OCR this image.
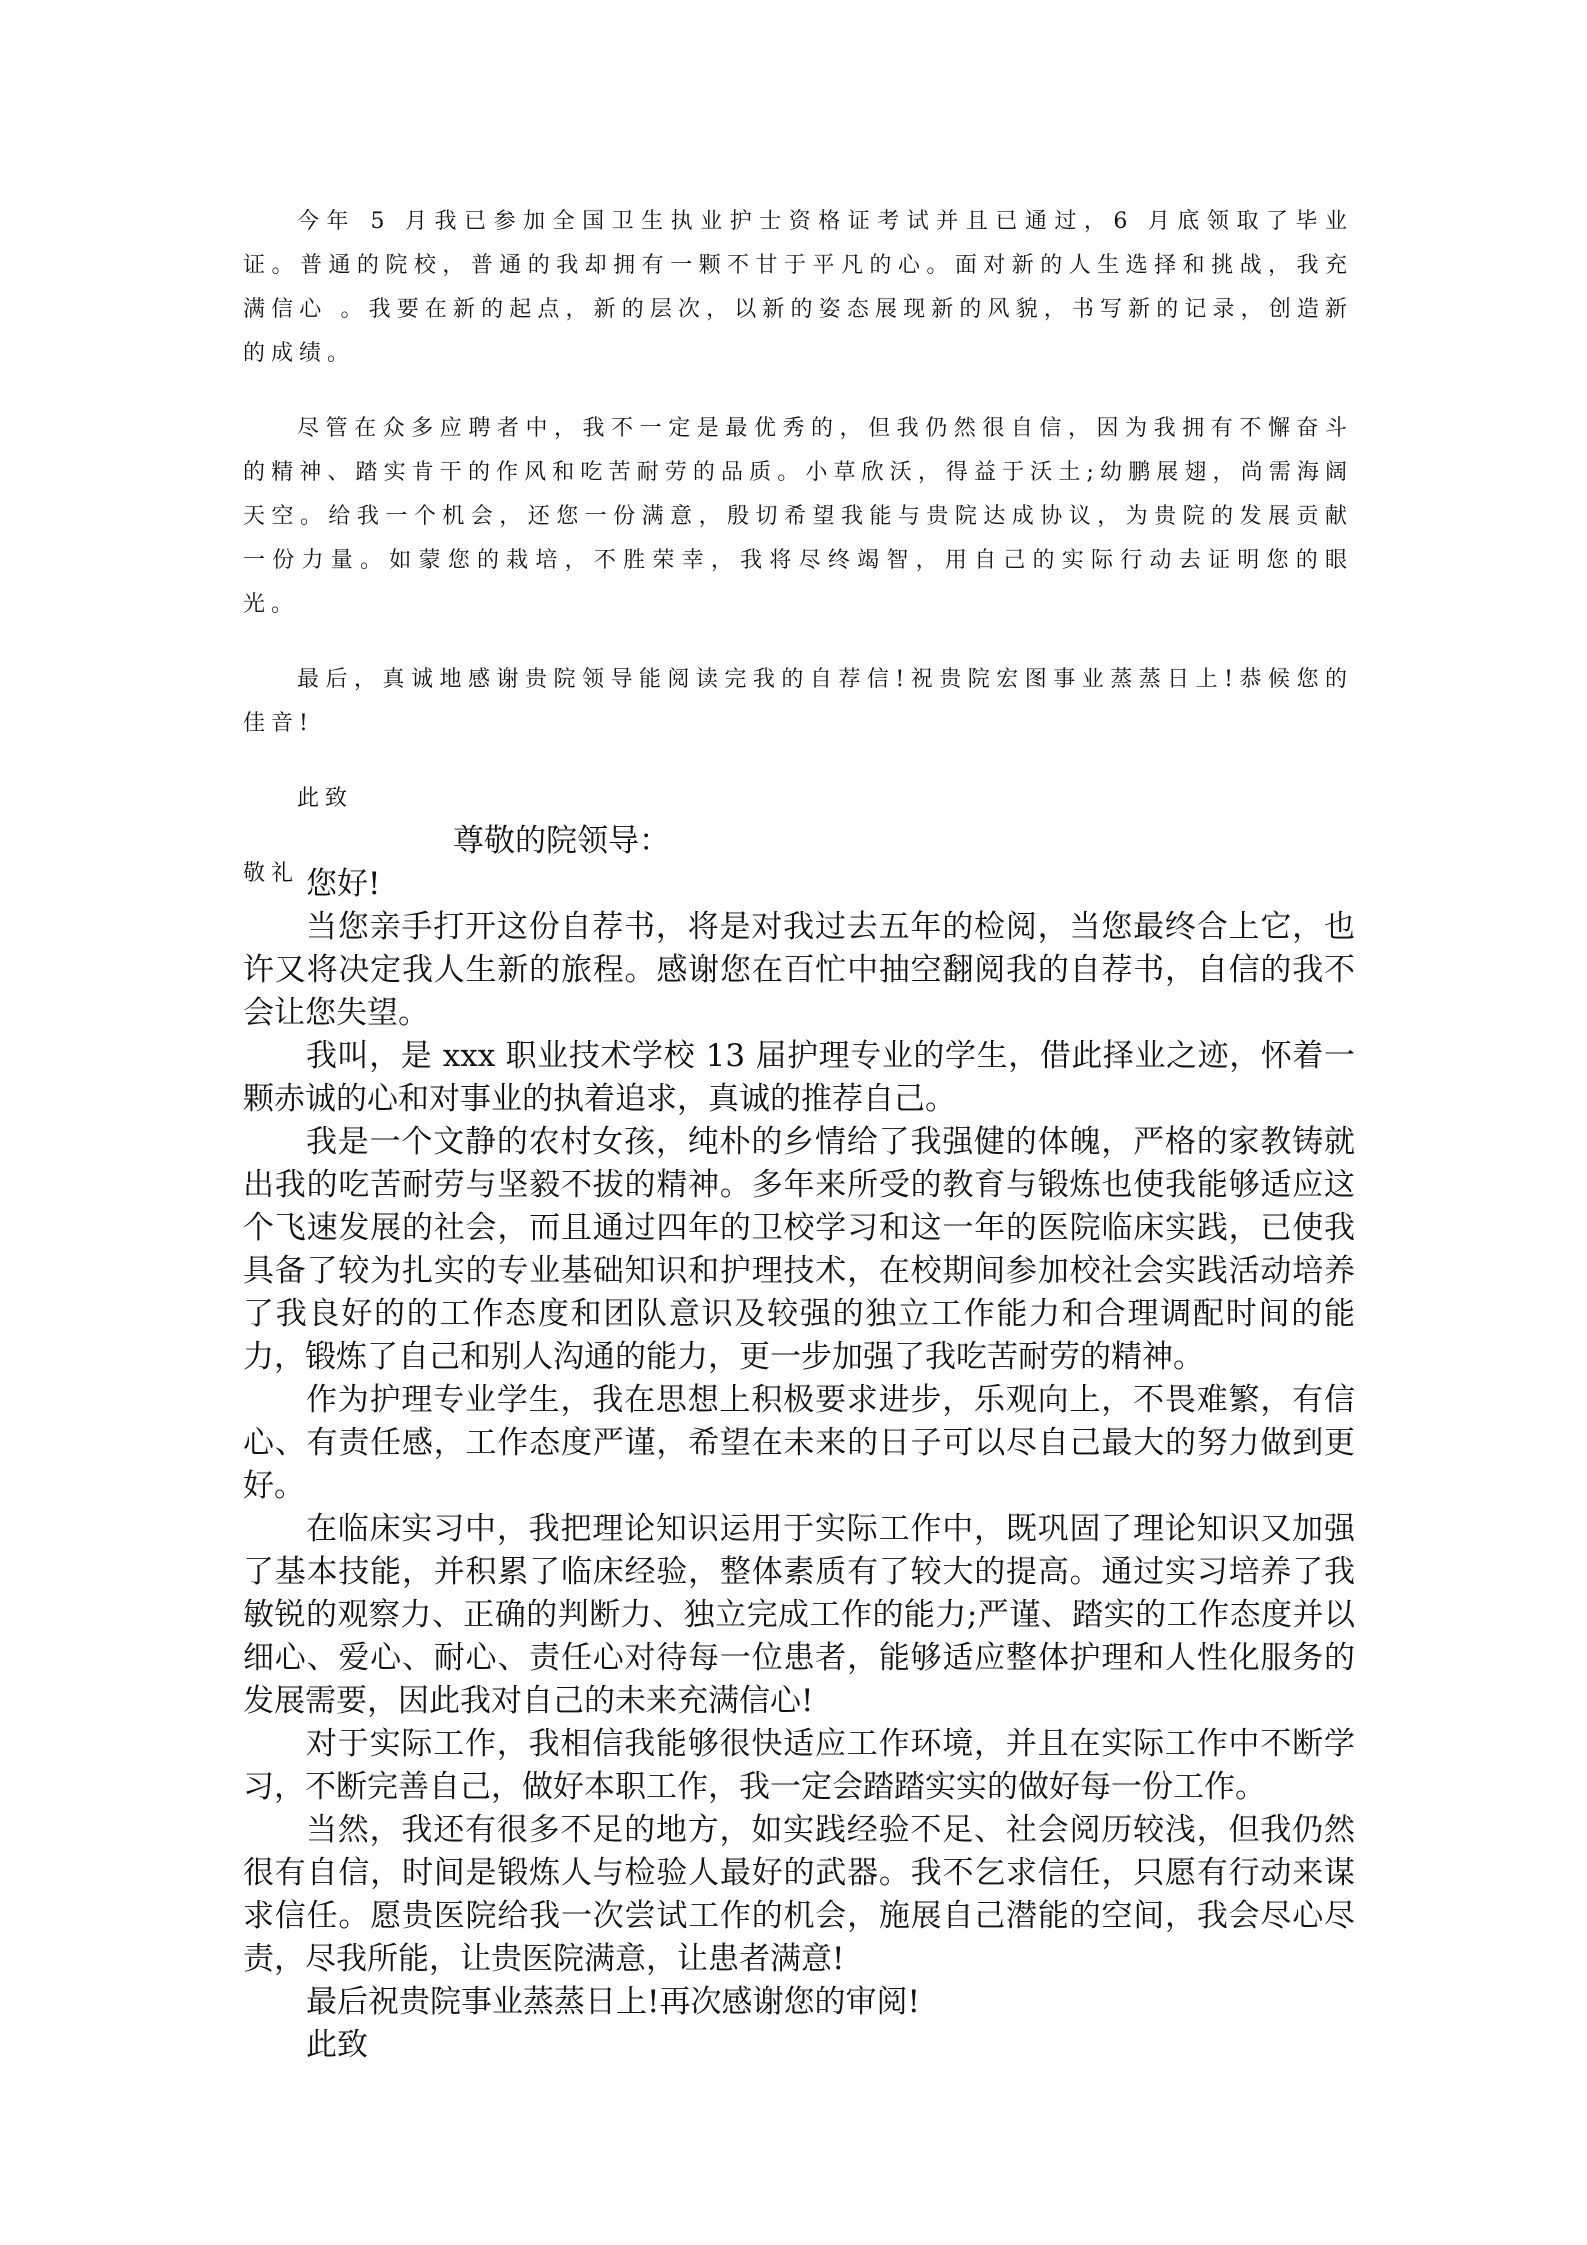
今年 5 月我已参加全国卫生执业护士资格证考试并且已通过，6 月底领取了毕业证。普通的院校，普通的我却拥有一颗不甘于平凡的心。面对新的人生选择和挑战，我充满信心 。我要在新的起点，新的层次，以新的姿态展现新的风貌，书写新的记录，创造新的成绩。

尽管在众多应聘者中，我不一定是最优秀的，但我仍然很自信，因为我拥有不懈奋斗的精神、踏实肯干的作风和吃苦耐劳的品质。小草欣沃，得益于沃土;幼鹏展翅，尚需海阔天空。给我一个机会，还您一份满意，殷切希望我能与贵院达成协议，为贵院的发展贡献一份力量。如蒙您的栽培，不胜荣幸，我将尽终竭智，用自己的实际行动去证明您的眼光。

最后，真诚地感谢贵院领导能阅读完我的自荐信!祝贵院宏图事业蒸蒸日上!恭候您的佳音!

此致

敬礼

尊敬的院领导：

您好!

当您亲手打开这份自荐书，将是对我过去五年的检阅，当您最终合上它，也许又将决定我人生新的旅程。感谢您在百忙中抽空翻阅我的自荐书，自信的我不会让您失望。

我叫，是 xxx 职业技术学校 13 届护理专业的学生，借此择业之迹，怀着一颗赤诚的心和对事业的执着追求，真诚的推荐自己。

我是一个文静的农村女孩，纯朴的乡情给了我强健的体魄，严格的家教铸就出我的吃苦耐劳与坚毅不拔的精神。多年来所受的教育与锻炼也使我能够适应这个飞速发展的社会，而且通过四年的卫校学习和这一年的医院临床实践，已使我具备了较为扎实的专业基础知识和护理技术，在校期间参加校社会实践活动培养了我良好的的工作态度和团队意识及较强的独立工作能力和合理调配时间的能力，锻炼了自己和别人沟通的能力，更一步加强了我吃苦耐劳的精神。

作为护理专业学生，我在思想上积极要求进步，乐观向上，不畏难繁，有信心、有责任感，工作态度严谨，希望在未来的日子可以尽自己最大的努力做到更好。

在临床实习中，我把理论知识运用于实际工作中，既巩固了理论知识又加强了基本技能，并积累了临床经验，整体素质有了较大的提高。通过实习培养了我敏锐的观察力、正确的判断力、独立完成工作的能力;严谨、踏实的工作态度并以细心、爱心、耐心、责任心对待每一位患者，能够适应整体护理和人性化服务的发展需要，因此我对自己的未来充满信心!

对于实际工作，我相信我能够很快适应工作环境，并且在实际工作中不断学习，不断完善自己，做好本职工作，我一定会踏踏实实的做好每一份工作。

当然，我还有很多不足的地方，如实践经验不足、社会阅历较浅，但我仍然很有自信，时间是锻炼人与检验人最好的武器。我不乞求信任，只愿有行动来谋求信任。愿贵医院给我一次尝试工作的机会，施展自己潜能的空间，我会尽心尽责，尽我所能，让贵医院满意，让患者满意!

最后祝贵院事业蒸蒸日上!再次感谢您的审阅!

此致
